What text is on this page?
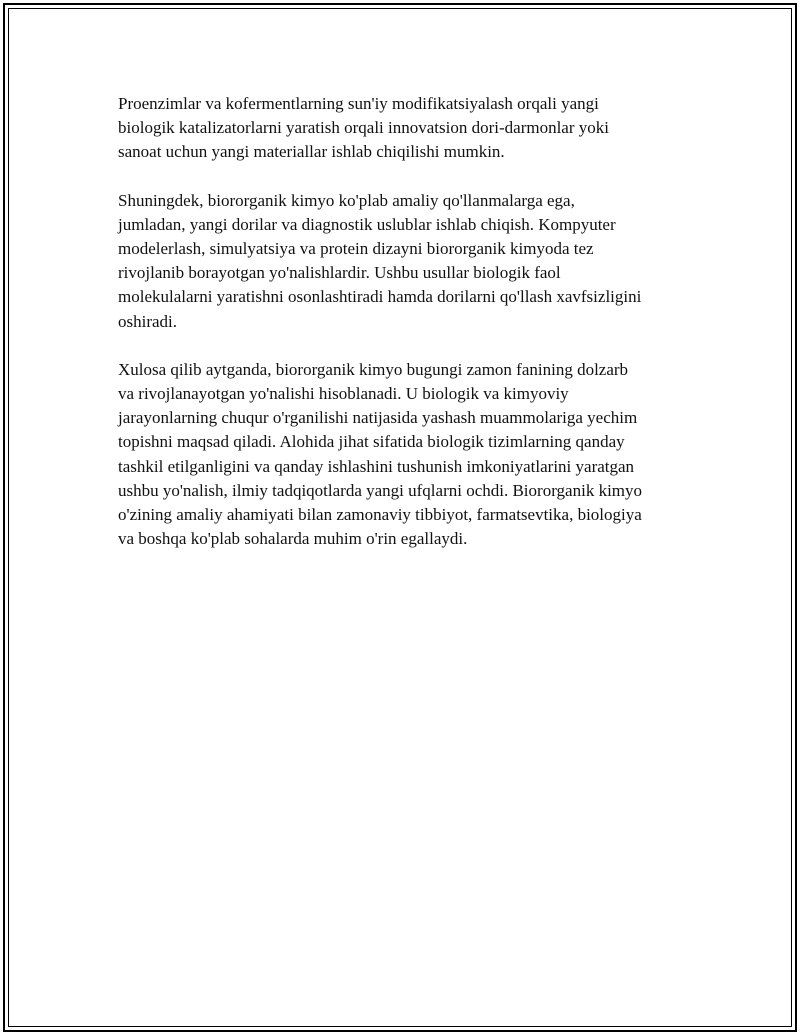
Proenzimlar va kofermentlarning sun'iy modifikatsiyalash orqali yangi
biologik katalizatorlarni yaratish orqali innovatsion dori-darmonlar yoki
sanoat uchun yangi materiallar ishlab chiqilishi mumkin.

Shuningdek, biororganik kimyo ko'plab amaliy qo'llanmalarga ega,
jumladan, yangi dorilar va diagnostik uslublar ishlab chiqish. Kompyuter
modelerlash, simulyatsiya va protein dizayni biororganik kimyoda tez
rivojlanib borayotgan yo'nalishlardir. Ushbu usullar biologik faol
molekulalarni yaratishni osonlashtiradi hamda dorilarni qo'llash xavfsizligini
oshiradi.

Xulosa qilib aytganda, biororganik kimyo bugungi zamon fanining dolzarb
va rivojlanayotgan yo'nalishi hisoblanadi. U biologik va kimyoviy
jarayonlarning chuqur o'rganilishi natijasida yashash muammolariga yechim
topishni maqsad qiladi. Alohida jihat sifatida biologik tizimlarning qanday
tashkil etilganligini va qanday ishlashini tushunish imkoniyatlarini yaratgan
ushbu yo'nalish, ilmiy tadqiqotlarda yangi ufqlarni ochdi. Biororganik kimyo
o'zining amaliy ahamiyati bilan zamonaviy tibbiyot, farmatsevtika, biologiya
va boshqa ko'plab sohalarda muhim o'rin egallaydi.
